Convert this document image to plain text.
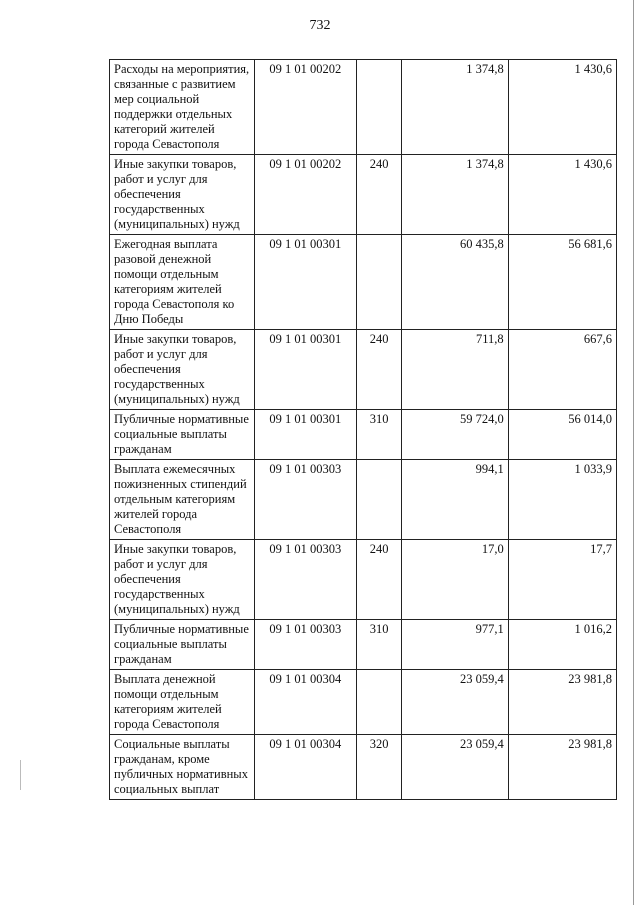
732
Расходы на мероприятия, связанные с развитием мер социальной поддержки отдельных категорий жителей города Севастополя	09 1 01 00202		1 374,8	1 430,6
Иные закупки товаров, работ и услуг для обеспечения государственных (муниципальных) нужд	09 1 01 00202	240	1 374,8	1 430,6
Ежегодная выплата разовой денежной помощи отдельным категориям жителей города Севастополя ко Дню Победы	09 1 01 00301		60 435,8	56 681,6
Иные закупки товаров, работ и услуг для обеспечения государственных (муниципальных) нужд	09 1 01 00301	240	711,8	667,6
Публичные нормативные социальные выплаты гражданам	09 1 01 00301	310	59 724,0	56 014,0
Выплата ежемесячных пожизненных стипендий отдельным категориям жителей города Севастополя	09 1 01 00303		994,1	1 033,9
Иные закупки товаров, работ и услуг для обеспечения государственных (муниципальных) нужд	09 1 01 00303	240	17,0	17,7
Публичные нормативные социальные выплаты гражданам	09 1 01 00303	310	977,1	1 016,2
Выплата денежной помощи отдельным категориям жителей города Севастополя	09 1 01 00304		23 059,4	23 981,8
Социальные выплаты гражданам, кроме публичных нормативных социальных выплат	09 1 01 00304	320	23 059,4	23 981,8
